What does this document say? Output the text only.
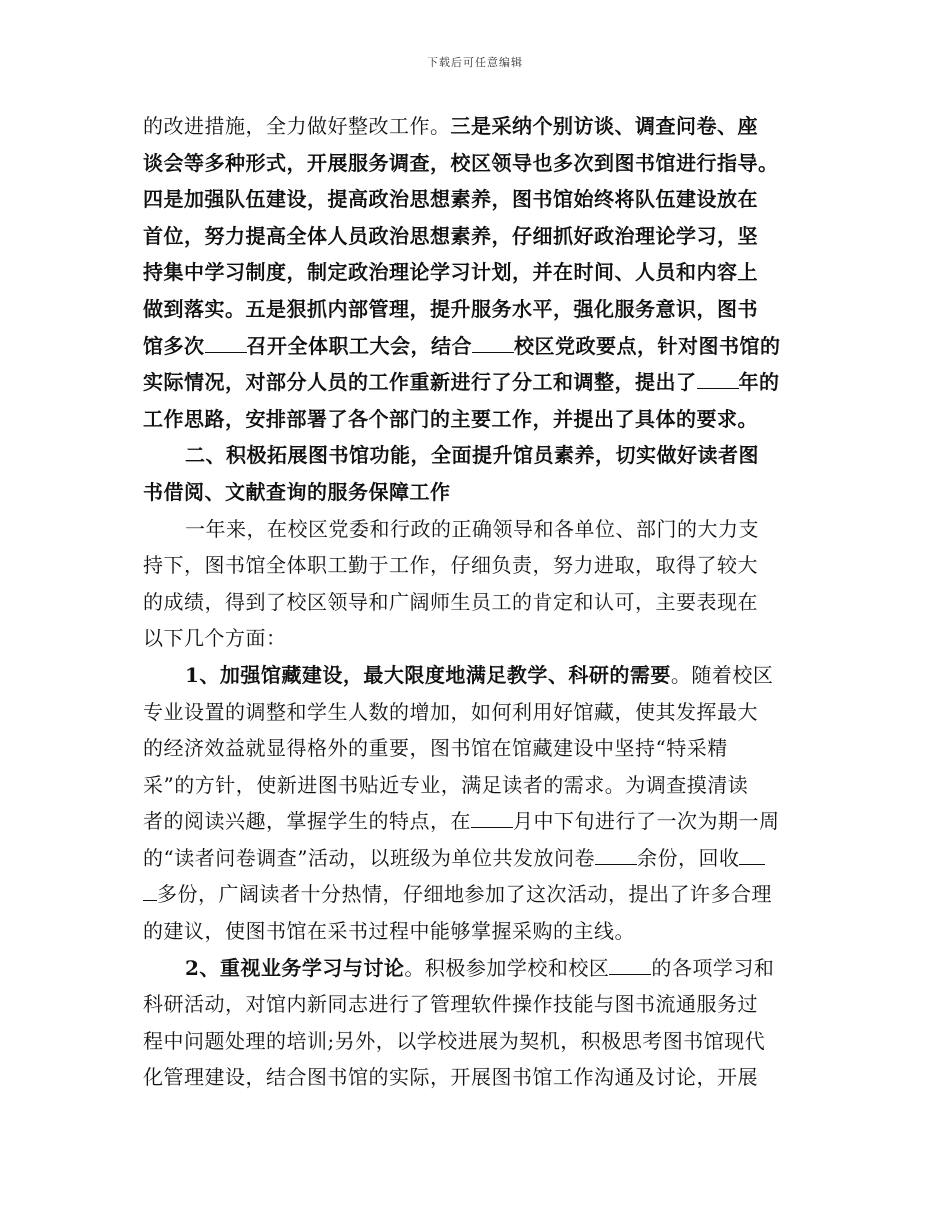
下载后可任意编辑
的改进措施，全力做好整改工作。三是采纳个别访谈、调查问卷、座
谈会等多种形式，开展服务调查，校区领导也多次到图书馆进行指导。
四是加强队伍建设，提高政治思想素养，图书馆始终将队伍建设放在
首位，努力提高全体人员政治思想素养，仔细抓好政治理论学习，坚
持集中学习制度，制定政治理论学习计划，并在时间、人员和内容上
做到落实。五是狠抓内部管理，提升服务水平，强化服务意识，图书
馆多次 召开全体职工大会，结合 校区党政要点，针对图书馆的
实际情况，对部分人员的工作重新进行了分工和调整，提出了 年的
工作思路，安排部署了各个部门的主要工作，并提出了具体的要求。
二、积极拓展图书馆功能，全面提升馆员素养，切实做好读者图
书借阅、文献查询的服务保障工作
一年来，在校区党委和行政的正确领导和各单位、部门的大力支
持下，图书馆全体职工勤于工作，仔细负责，努力进取，取得了较大
的成绩，得到了校区领导和广阔师生员工的肯定和认可，主要表现在
以下几个方面：
1、加强馆藏建设，最大限度地满足教学、科研的需要。随着校区
专业设置的调整和学生人数的增加，如何利用好馆藏，使其发挥最大
的经济效益就显得格外的重要，图书馆在馆藏建设中坚持“特采精
采”的方针，使新进图书贴近专业，满足读者的需求。为调查摸清读
者的阅读兴趣，掌握学生的特点，在 月中下旬进行了一次为期一周
的“读者问卷调查”活动，以班级为单位共发放问卷 余份，回收
多份，广阔读者十分热情，仔细地参加了这次活动，提出了许多合理
的建议，使图书馆在采书过程中能够掌握采购的主线。
2、重视业务学习与讨论。积极参加学校和校区 的各项学习和
科研活动，对馆内新同志进行了管理软件操作技能与图书流通服务过
程中问题处理的培训;另外，以学校进展为契机，积极思考图书馆现代
化管理建设，结合图书馆的实际，开展图书馆工作沟通及讨论，开展
